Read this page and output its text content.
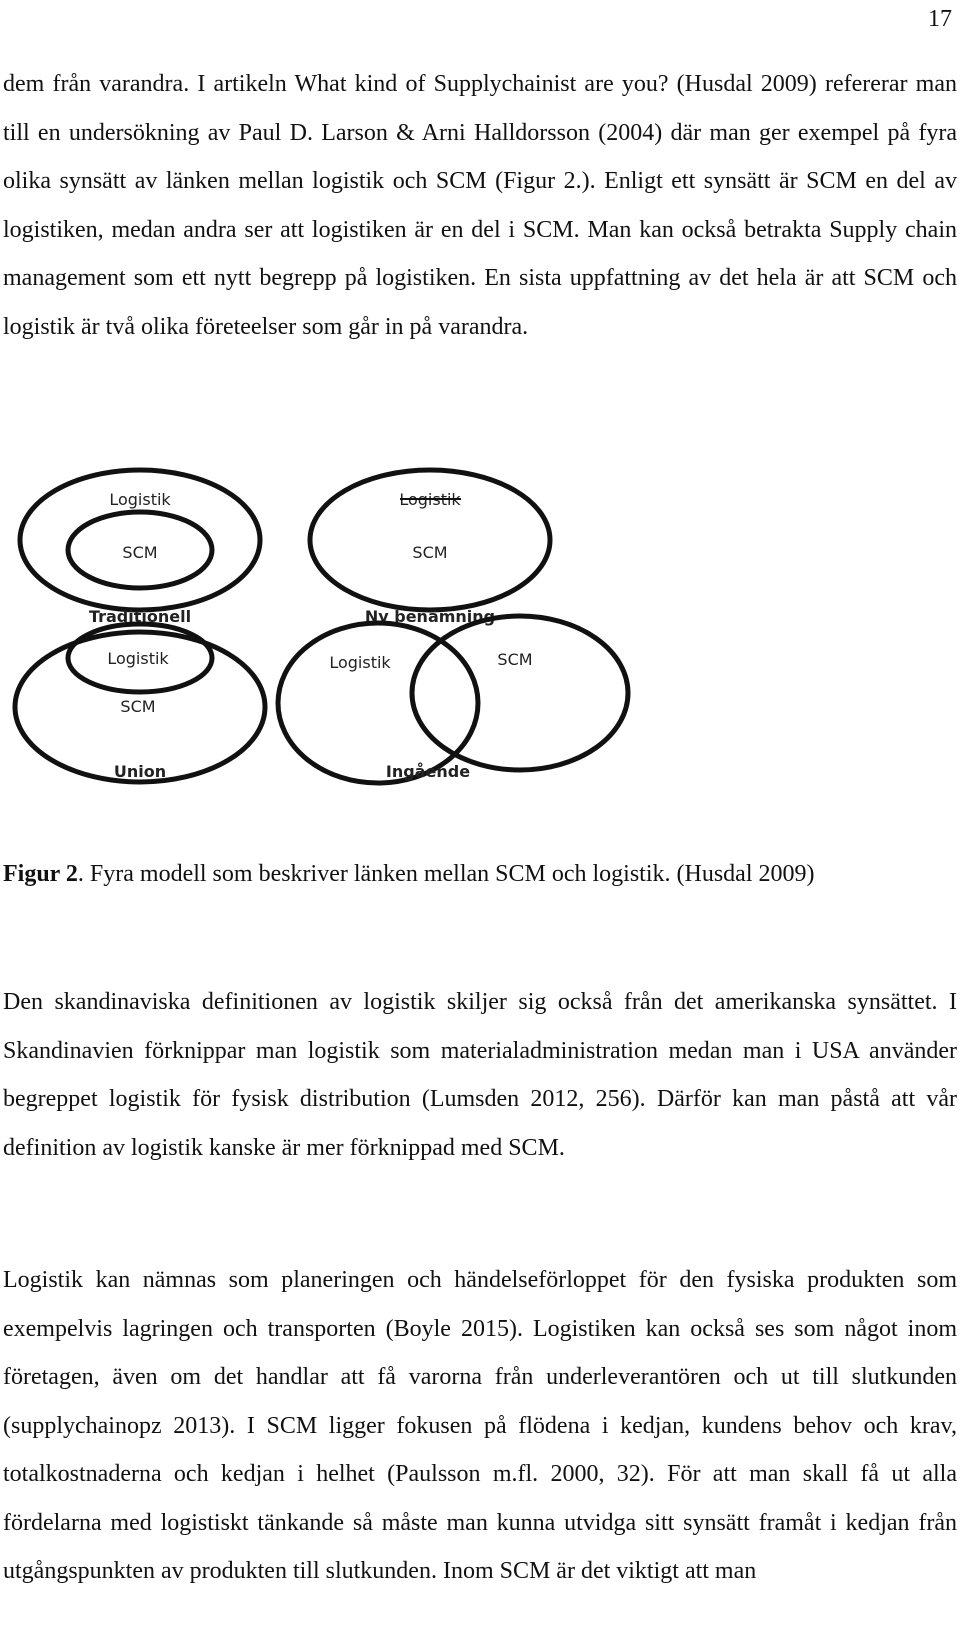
17

dem från varandra. I artikeln What kind of Supplychainist are you? (Husdal 2009) refererar man till en undersökning av Paul D. Larson & Arni Halldorsson (2004) där man ger exempel på fyra olika synsätt av länken mellan logistik och SCM (Figur 2.). Enligt ett synsätt är SCM en del av logistiken, medan andra ser att logistiken är en del i SCM. Man kan också betrakta Supply chain management som ett nytt begrepp på logistiken. En sista uppfattning av det hela är att SCM och logistik är två olika företeelser som går in på varandra.

Logistik
SCM
Traditionell
Logistik
SCM
Ny benämning
Logistik
SCM
Union
Logistik	SCM
Ingående

Figur 2. Fyra modell som beskriver länken mellan SCM och logistik. (Husdal 2009)

Den skandinaviska definitionen av logistik skiljer sig också från det amerikanska synsättet. I Skandinavien förknippar man logistik som materialadministration medan man i USA använder begreppet logistik för fysisk distribution (Lumsden 2012, 256). Därför kan man påstå att vår definition av logistik kanske är mer förknippad med SCM.

Logistik kan nämnas som planeringen och händelseförloppet för den fysiska produkten som exempelvis lagringen och transporten (Boyle 2015). Logistiken kan också ses som något inom företagen, även om det handlar att få varorna från underleverantören och ut till slutkunden (supplychainopz 2013). I SCM ligger fokusen på flödena i kedjan, kundens behov och krav, totalkostnaderna och kedjan i helhet (Paulsson m.fl. 2000, 32). För att man skall få ut alla fördelarna med logistiskt tänkande så måste man kunna utvidga sitt synsätt framåt i kedjan från utgångspunkten av produkten till slutkunden. Inom SCM är det viktigt att man
